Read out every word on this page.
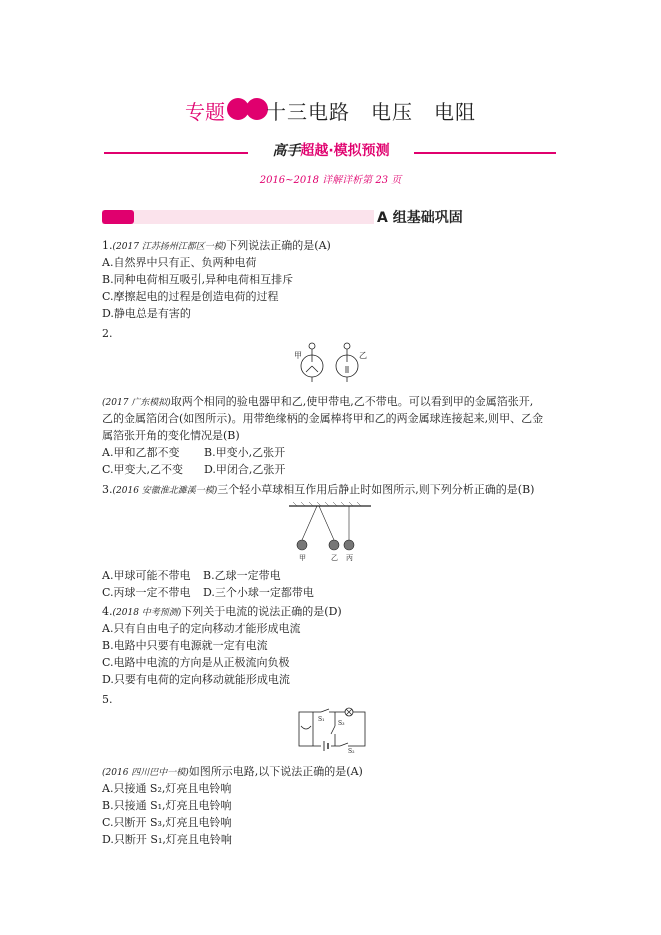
专题 十三电路　电压　电阻
高手超越·模拟预测
2016~2018 详解详析第 23 页
A 组基础巩固
1.(2017 江苏扬州江都区一模)下列说法正确的是(A)
A.自然界中只有正、负两种电荷
B.同种电荷相互吸引,异种电荷相互排斥
C.摩擦起电的过程是创造电荷的过程
D.静电总是有害的
2.
甲	乙
(2017 广东模拟)取两个相同的验电器甲和乙,使甲带电,乙不带电。可以看到甲的金属箔张开,
乙的金属箔闭合(如图所示)。用带绝缘柄的金属棒将甲和乙的两金属球连接起来,则甲、乙金
属箔张开角的变化情况是(B)
A.甲和乙都不变 B.甲变小,乙张开
C.甲变大,乙不变 D.甲闭合,乙张开
3.(2016 安徽淮北濉溪一模)三个轻小草球相互作用后静止时如图所示,则下列分析正确的是(B)
甲	乙 丙
A.甲球可能不带电 B.乙球一定带电
C.丙球一定不带电 D.三个小球一定都带电
4.(2018 中考预测)下列关于电流的说法正确的是(D)
A.只有自由电子的定向移动才能形成电流
B.电路中只要有电源就一定有电流
C.电路中电流的方向是从正极流向负极
D.只要有电荷的定向移动就能形成电流
5.
S₁
S₂
S₃
(2016 四川巴中一模)如图所示电路,以下说法正确的是(A)
A.只接通 S₂,灯亮且电铃响
B.只接通 S₁,灯亮且电铃响
C.只断开 S₃,灯亮且电铃响
D.只断开 S₁,灯亮且电铃响
